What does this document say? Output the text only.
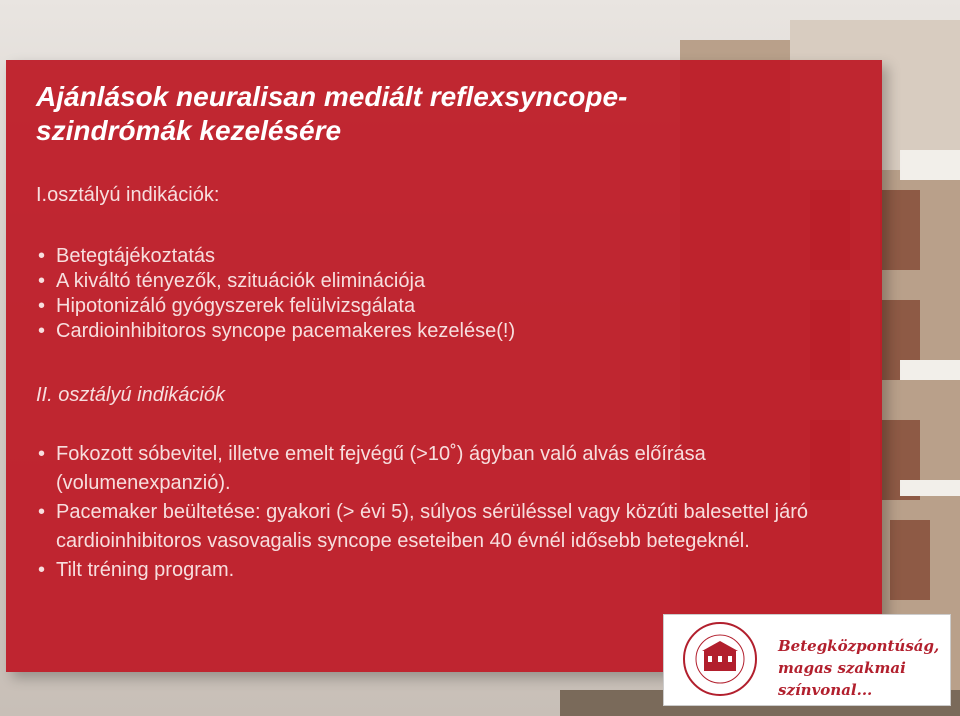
Ajánlások neuralisan mediált reflexsyncope-szindrómák kezelésére

I.osztályú indikációk:

• Betegtájékoztatás
• A kiváltó tényezők, szituációk eliminációja
• Hipotonizáló gyógyszerek felülvizsgálata
• Cardioinhibitoros syncope pacemakeres kezelése(!)

II. osztályú indikációk

• Fokozott sóbevitel, illetve emelt fejvégű (>10˚) ágyban való alvás előírása (volumenexpanzió).
• Pacemaker beültetése: gyakori (> évi 5), súlyos sérüléssel vagy közúti balesettel járó cardioinhibitoros vasovagalis syncope eseteiben 40 évnél idősebb betegeknél.
• Tilt tréning program.

Betegközpontúság,
magas szakmai színvonal...
